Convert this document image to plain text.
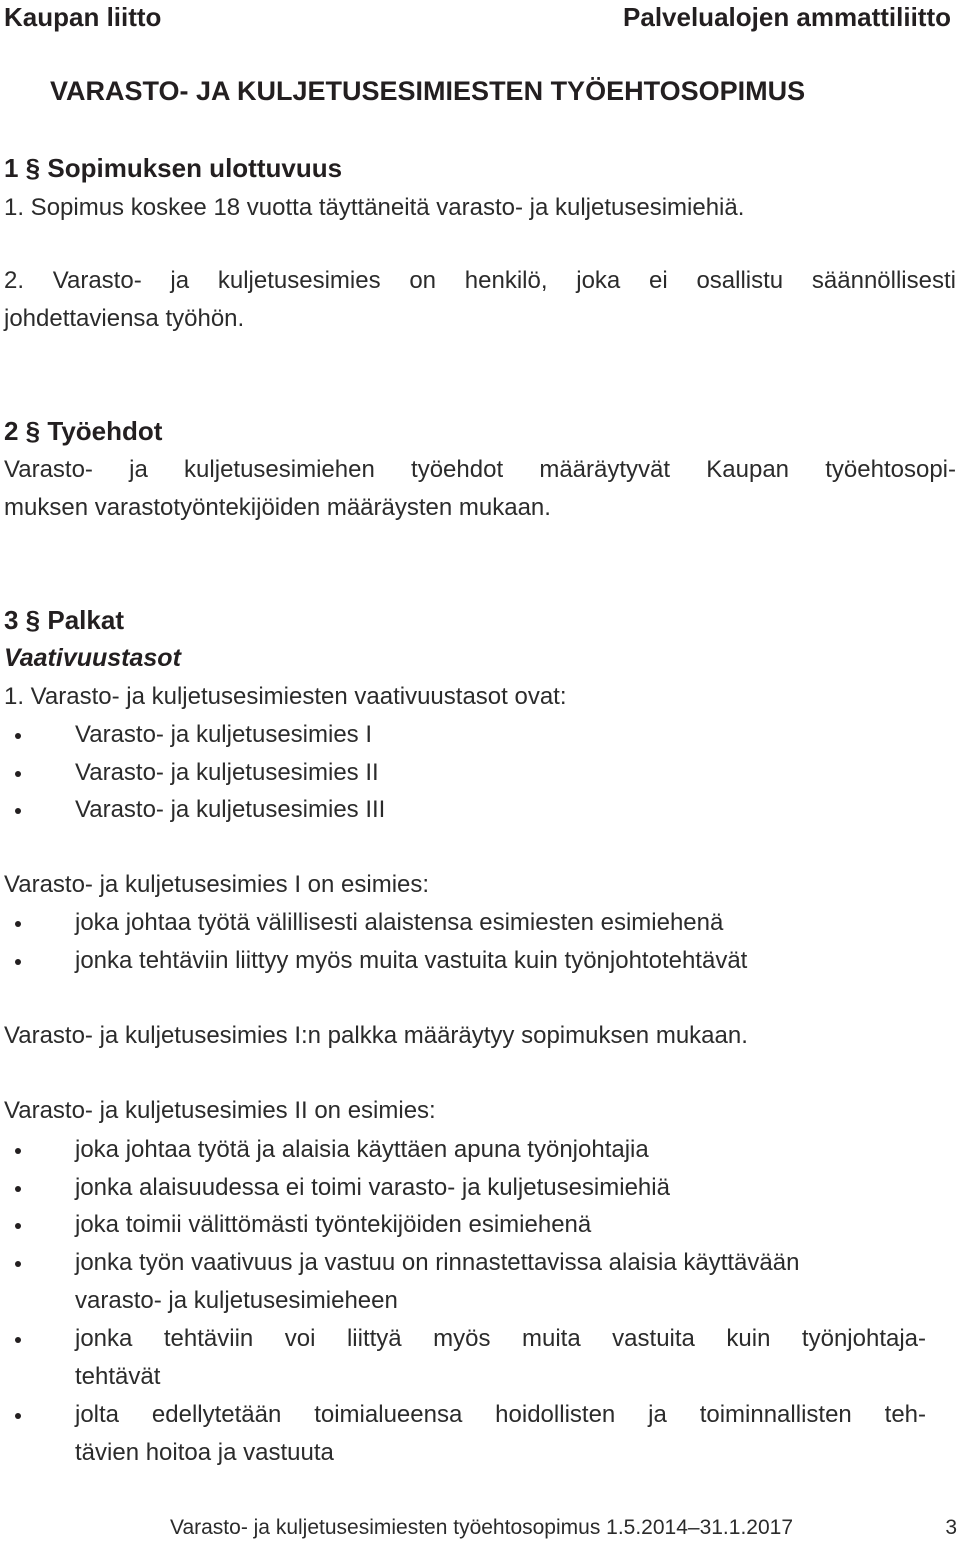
Kaupan liitto	Palvelualojen ammattiliitto
VARASTO- JA KULJETUSESIMIESTEN TYÖEHTOSOPIMUS
1 § Sopimuksen ulottuvuus
1. Sopimus koskee 18 vuotta täyttäneitä varasto- ja kuljetusesimiehiä.
2. Varasto- ja kuljetusesimies on henkilö, joka ei osallistu säännöllisesti
johdettaviensa työhön.
2 § Työehdot
Varasto- ja kuljetusesimiehen työehdot määräytyvät Kaupan työehtosopi-
muksen varastotyöntekijöiden määräysten mukaan.
3 § Palkat
Vaativuustasot
1. Varasto- ja kuljetusesimiesten vaativuustasot ovat:
Varasto- ja kuljetusesimies I
Varasto- ja kuljetusesimies II
Varasto- ja kuljetusesimies III
Varasto- ja kuljetusesimies I on esimies:
joka johtaa työtä välillisesti alaistensa esimiesten esimiehenä
jonka tehtäviin liittyy myös muita vastuita kuin työnjohtotehtävät
Varasto- ja kuljetusesimies I:n palkka määräytyy sopimuksen mukaan.
Varasto- ja kuljetusesimies II on esimies:
joka johtaa työtä ja alaisia käyttäen apuna työnjohtajia
jonka alaisuudessa ei toimi varasto- ja kuljetusesimiehiä
joka toimii välittömästi työntekijöiden esimiehenä
jonka työn vaativuus ja vastuu on rinnastettavissa alaisia käyttävään
varasto- ja kuljetusesimieheen
jonka tehtäviin voi liittyä myös muita vastuita kuin työnjohtaja-
tehtävät
jolta edellytetään toimialueensa hoidollisten ja toiminnallisten teh-
tävien hoitoa ja vastuuta
Varasto- ja kuljetusesimiesten työehtosopimus 1.5.2014–31.1.2017	3
